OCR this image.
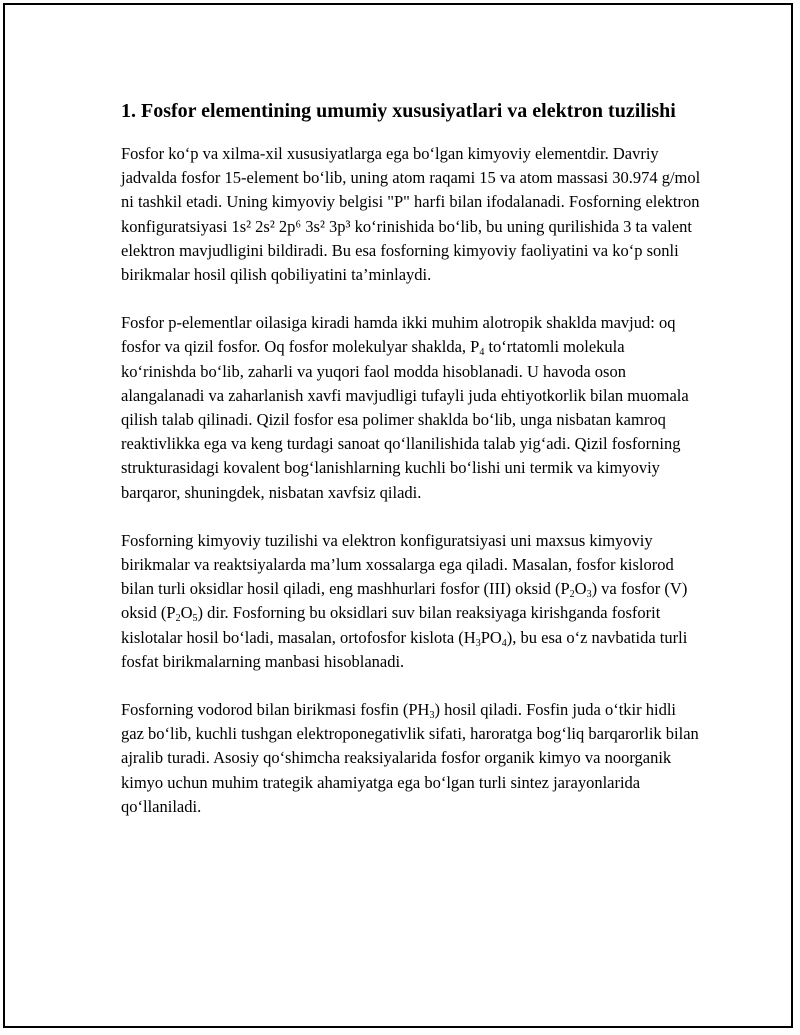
1. Fosfor elementining umumiy xususiyatlari va elektron tuzilishi

Fosfor koʻp va xilma-xil xususiyatlarga ega boʻlgan kimyoviy elementdir. Davriy jadvalda fosfor 15-element boʻlib, uning atom raqami 15 va atom massasi 30.974 g/mol ni tashkil etadi. Uning kimyoviy belgisi "P" harfi bilan ifodalanadi. Fosforning elektron konfiguratsiyasi 1s² 2s² 2p⁶ 3s² 3p³ koʻrinishida boʻlib, bu uning qurilishida 3 ta valent elektron mavjudligini bildiradi. Bu esa fosforning kimyoviy faoliyatini va koʻp sonli birikmalar hosil qilish qobiliyatini ta’minlaydi.

Fosfor p-elementlar oilasiga kiradi hamda ikki muhim alotropik shaklda mavjud: oq fosfor va qizil fosfor. Oq fosfor molekulyar shaklda, $P_4$ toʻrtatomli molekula koʻrinishda boʻlib, zaharli va yuqori faol modda hisoblanadi. U havoda oson alangalanadi va zaharlanish xavfi mavjudligi tufayli juda ehtiyotkorlik bilan muomala qilish talab qilinadi. Qizil fosfor esa polimer shaklda boʻlib, unga nisbatan kamroq reaktivlikka ega va keng turdagi sanoat qoʻllanilishida talab yigʻadi. Qizil fosforning strukturasidagi kovalent bogʻlanishlarning kuchli boʻlishi uni termik va kimyoviy barqaror, shuningdek, nisbatan xavfsiz qiladi.

Fosforning kimyoviy tuzilishi va elektron konfiguratsiyasi uni maxsus kimyoviy birikmalar va reaktsiyalarda ma’lum xossalarga ega qiladi. Masalan, fosfor kislorod bilan turli oksidlar hosil qiladi, eng mashhurlari fosfor (III) oksid $(P_2O_3)$ va fosfor (V) oksid $(P_2O_5)$ dir. Fosforning bu oksidlari suv bilan reaksiyaga kirishganda fosforit kislotalar hosil boʻladi, masalan, ortofosfor kislota $(H_3PO_4)$, bu esa oʻz navbatida turli fosfat birikmalarning manbasi hisoblanadi.

Fosforning vodorod bilan birikmasi fosfin $(PH_3)$ hosil qiladi. Fosfin juda oʻtkir hidli gaz boʻlib, kuchli tushgan elektroponegativlik sifati, haroratga bogʻliq barqarorlik bilan ajralib turadi. Asosiy qoʻshimcha reaksiyalarida fosfor organik kimyo va noorganik kimyo uchun muhim trategik ahamiyatga ega boʻlgan turli sintez jarayonlarida qoʻllaniladi.
